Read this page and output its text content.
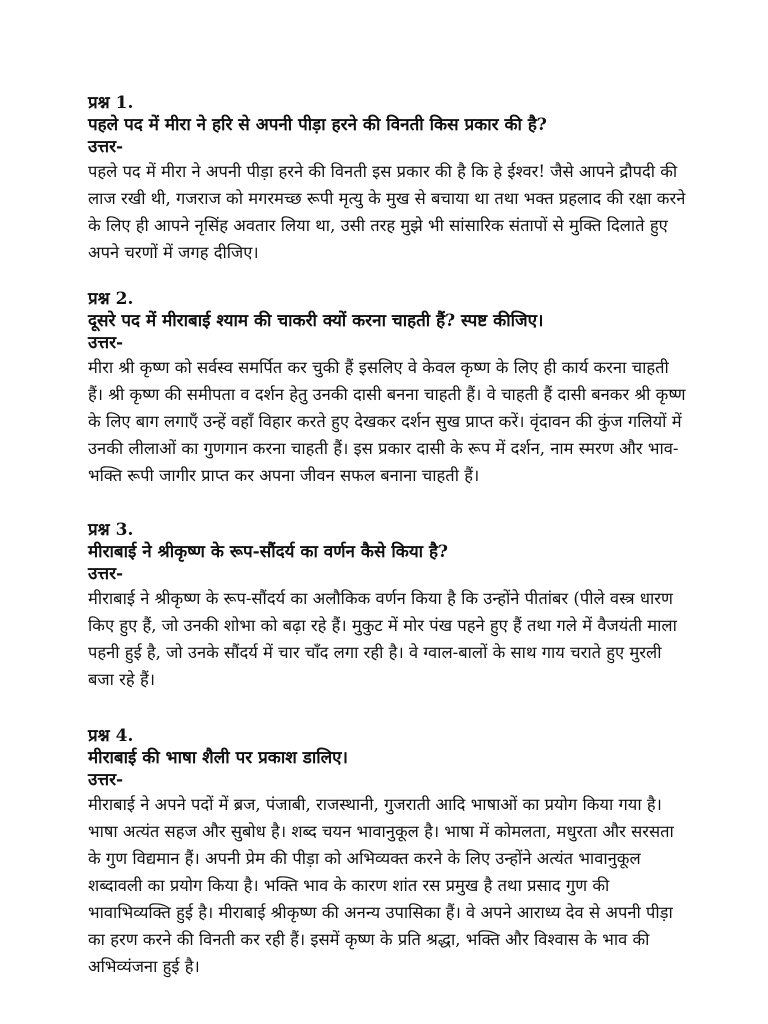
प्रश्न 1.

पहले पद में मीरा ने हरि से अपनी पीड़ा हरने की विनती किस प्रकार की है?

उत्तर-

पहले पद में मीरा ने अपनी पीड़ा हरने की विनती इस प्रकार की है कि हे ईश्वर! जैसे आपने द्रौपदी की लाज रखी थी, गजराज को मगरमच्छ रूपी मृत्यु के मुख से बचाया था तथा भक्त प्रहलाद की रक्षा करने के लिए ही आपने नृसिंह अवतार लिया था, उसी तरह मुझे भी सांसारिक संतापों से मुक्ति दिलाते हुए अपने चरणों में जगह दीजिए।

प्रश्न 2.

दूसरे पद में मीराबाई श्याम की चाकरी क्यों करना चाहती हैं? स्पष्ट कीजिए।

उत्तर-

मीरा श्री कृष्ण को सर्वस्व समर्पित कर चुकी हैं इसलिए वे केवल कृष्ण के लिए ही कार्य करना चाहती हैं। श्री कृष्ण की समीपता व दर्शन हेतु उनकी दासी बनना चाहती हैं। वे चाहती हैं दासी बनकर श्री कृष्ण के लिए बाग लगाएँ उन्हें वहाँ विहार करते हुए देखकर दर्शन सुख प्राप्त करें। वृंदावन की कुंज गलियों में उनकी लीलाओं का गुणगान करना चाहती हैं। इस प्रकार दासी के रूप में दर्शन, नाम स्मरण और भाव-भक्ति रूपी जागीर प्राप्त कर अपना जीवन सफल बनाना चाहती हैं।

प्रश्न 3.

मीराबाई ने श्रीकृष्ण के रूप-सौंदर्य का वर्णन कैसे किया है?

उत्तर-

मीराबाई ने श्रीकृष्ण के रूप-सौंदर्य का अलौकिक वर्णन किया है कि उन्होंने पीतांबर (पीले वस्त्र धारण किए हुए हैं, जो उनकी शोभा को बढ़ा रहे हैं। मुकुट में मोर पंख पहने हुए हैं तथा गले में वैजयंती माला पहनी हुई है, जो उनके सौंदर्य में चार चाँद लगा रही है। वे ग्वाल-बालों के साथ गाय चराते हुए मुरली बजा रहे हैं।

प्रश्न 4.

मीराबाई की भाषा शैली पर प्रकाश डालिए।

उत्तर-

मीराबाई ने अपने पदों में ब्रज, पंजाबी, राजस्थानी, गुजराती आदि भाषाओं का प्रयोग किया गया है। भाषा अत्यंत सहज और सुबोध है। शब्द चयन भावानुकूल है। भाषा में कोमलता, मधुरता और सरसता के गुण विद्यमान हैं। अपनी प्रेम की पीड़ा को अभिव्यक्त करने के लिए उन्होंने अत्यंत भावानुकूल शब्दावली का प्रयोग किया है। भक्ति भाव के कारण शांत रस प्रमुख है तथा प्रसाद गुण की भावाभिव्यक्ति हुई है। मीराबाई श्रीकृष्ण की अनन्य उपासिका हैं। वे अपने आराध्य देव से अपनी पीड़ा का हरण करने की विनती कर रही हैं। इसमें कृष्ण के प्रति श्रद्धा, भक्ति और विश्वास के भाव की अभिव्यंजना हुई है।
